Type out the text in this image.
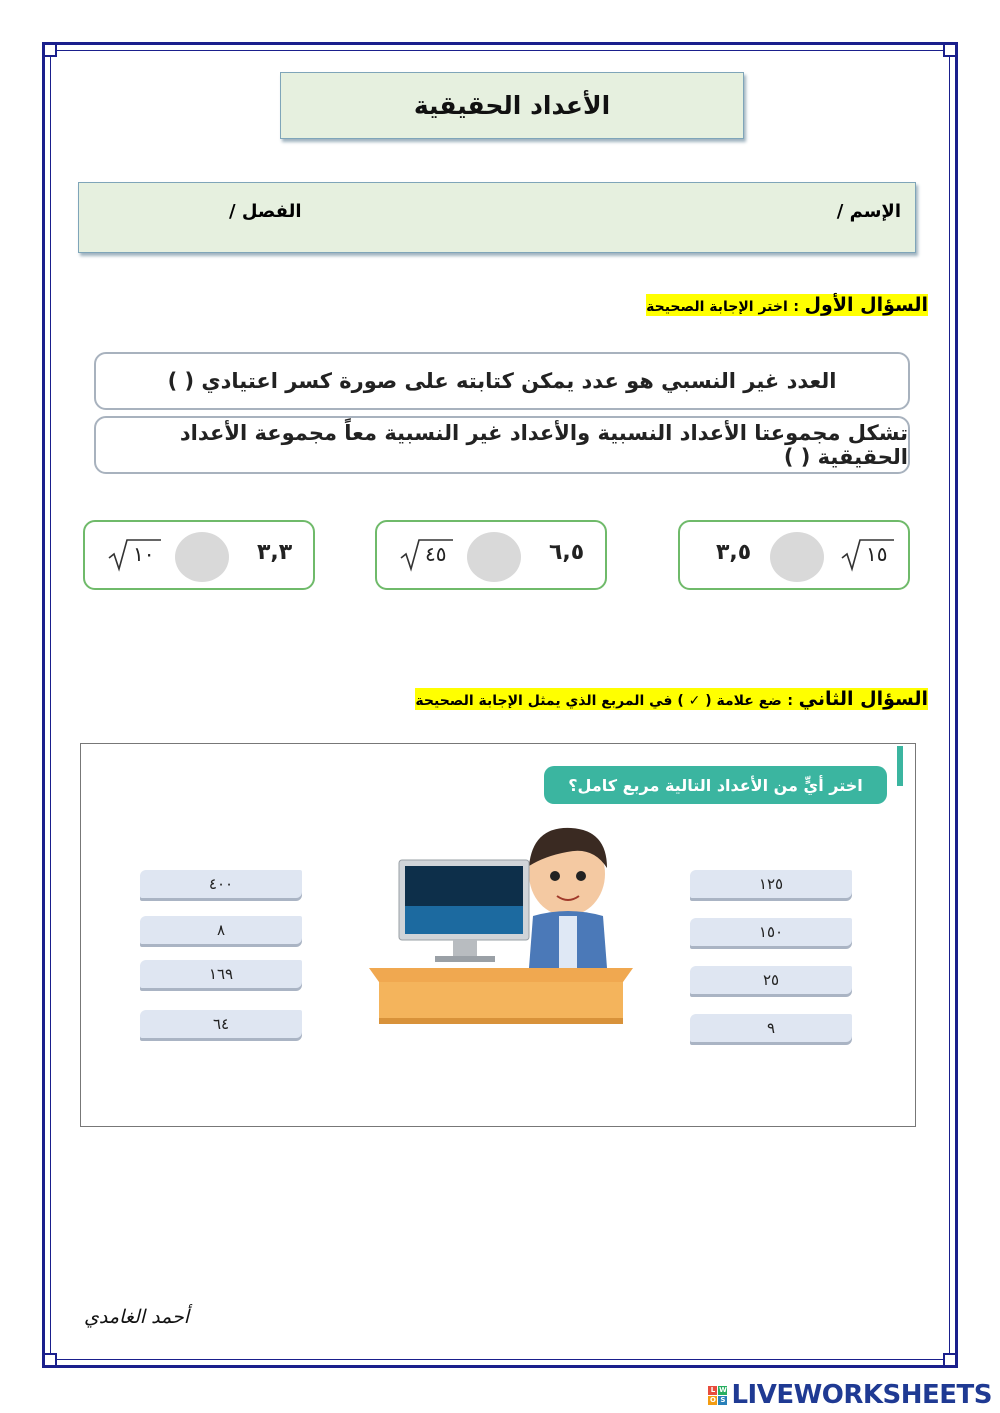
الأعداد الحقيقية
الإسم /
الفصل /
السؤال الأول : اختر الإجابة الصحيحة
العدد غير النسبي هو عدد يمكن كتابته على صورة كسر اعتيادي ( )
تشكل مجموعتا الأعداد النسبية والأعداد غير النسبية معاً مجموعة الأعداد الحقيقية ( )
١٥
٣,٥
٤٥	٦,٥
١٠	٣,٣
السؤال الثاني : ضع علامة ( ✓ ) في المربع الذي يمثل الإجابة الصحيحة
اختر أيٍّ من الأعداد التالية مربع كامل؟
١٢٥
١٥٠
٢٥
٩
٤٠٠
٨
١٦٩
٦٤
أحمد الغامدي
L W
O S LIVEWORKSHEETS
